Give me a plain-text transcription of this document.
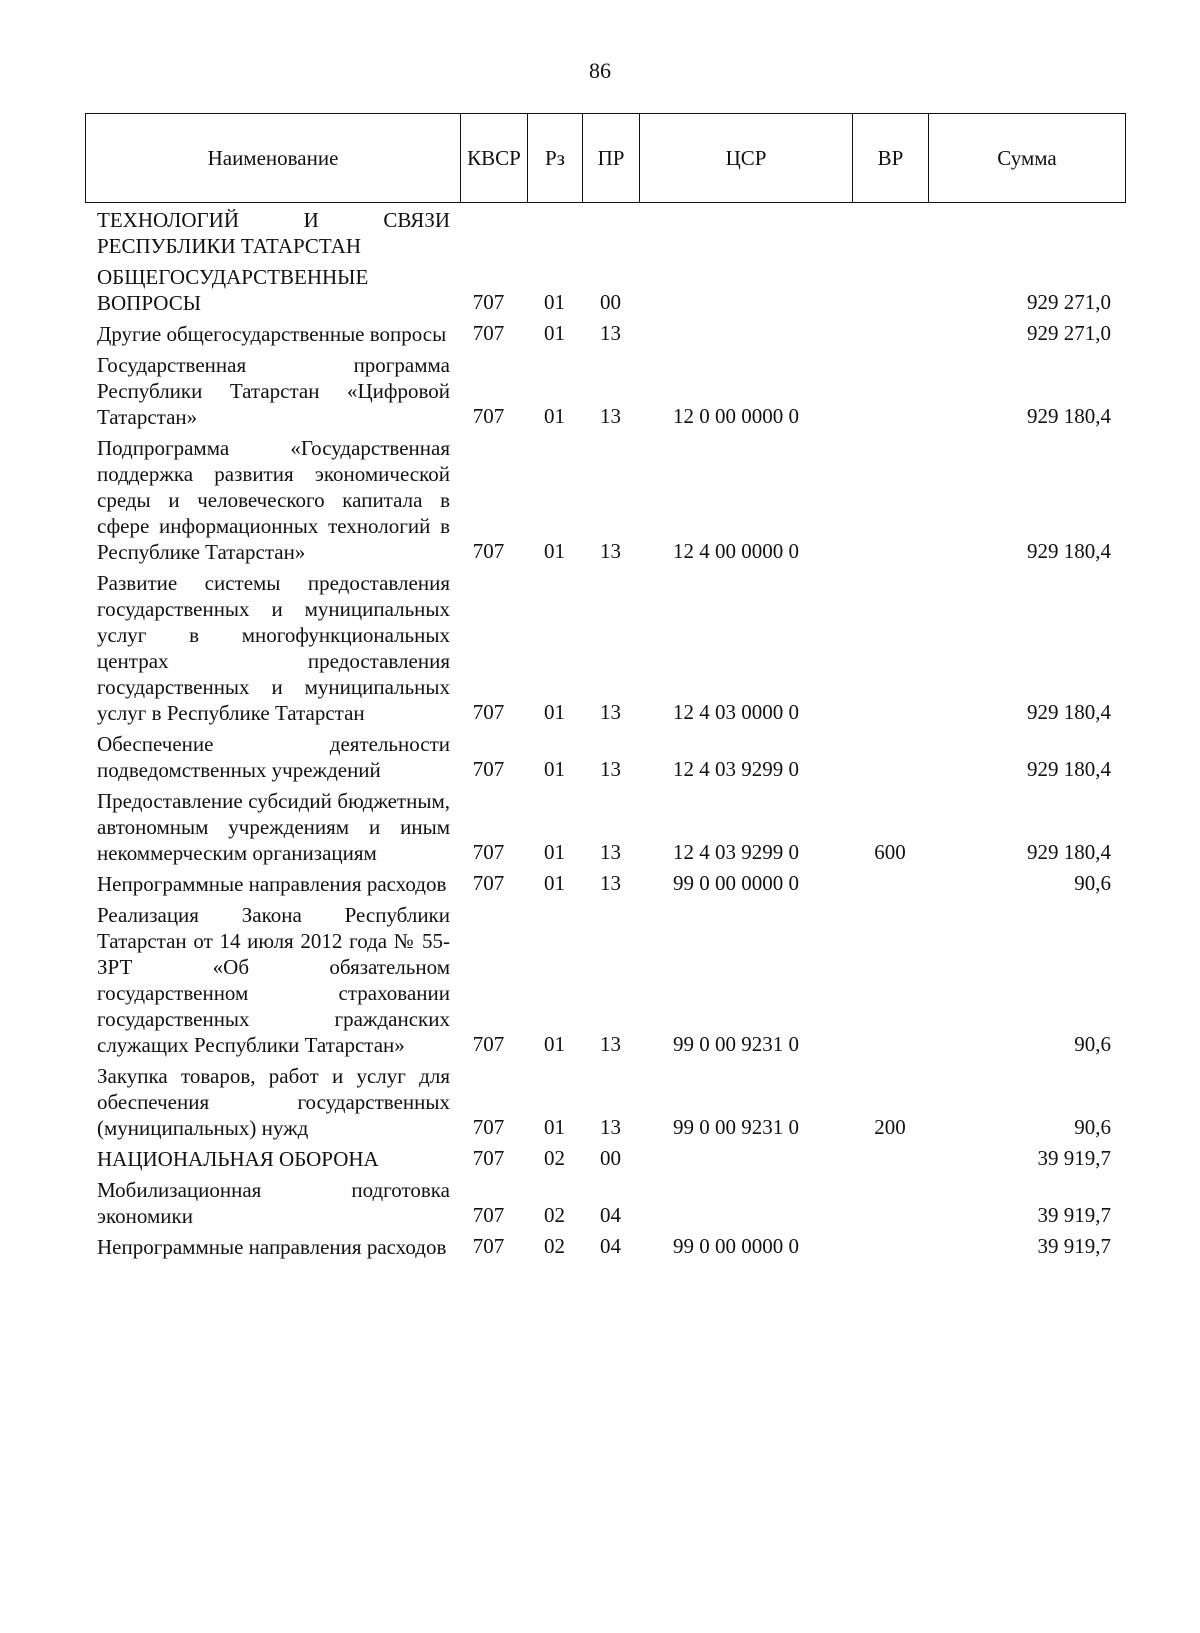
86
Наименование	КВСР	Рз	ПР	ЦСР	ВР	Сумма
ТЕХНОЛОГИЙ И СВЯЗИ РЕСПУБЛИКИ ТАТАРСТАН						
ОБЩЕГОСУДАРСТВЕННЫЕ ВОПРОСЫ	707	01	00			929 271,0
Другие общегосударственные вопросы	707	01	13			929 271,0
Государственная программа Республики Татарстан «Цифровой Татарстан»	707	01	13	12 0 00 0000 0		929 180,4
Подпрограмма «Государственная поддержка развития экономической среды и человеческого капитала в сфере информационных технологий в Республике Татарстан»	707	01	13	12 4 00 0000 0		929 180,4
Развитие системы предоставления государственных и муниципальных услуг в многофункциональных центрах предоставления государственных и муниципальных услуг в Республике Татарстан	707	01	13	12 4 03 0000 0		929 180,4
Обеспечение деятельности подведомственных учреждений	707	01	13	12 4 03 9299 0		929 180,4
Предоставление субсидий бюджетным, автономным учреждениям и иным некоммерческим организациям	707	01	13	12 4 03 9299 0	600	929 180,4
Непрограммные направления расходов	707	01	13	99 0 00 0000 0		90,6
Реализация Закона Республики Татарстан от 14 июля 2012 года № 55-ЗРТ «Об обязательном государственном страховании государственных гражданских служащих Республики Татарстан»	707	01	13	99 0 00 9231 0		90,6
Закупка товаров, работ и услуг для обеспечения государственных (муниципальных) нужд	707	01	13	99 0 00 9231 0	200	90,6
НАЦИОНАЛЬНАЯ ОБОРОНА	707	02	00			39 919,7
Мобилизационная подготовка экономики	707	02	04			39 919,7
Непрограммные направления расходов	707	02	04	99 0 00 0000 0		39 919,7
